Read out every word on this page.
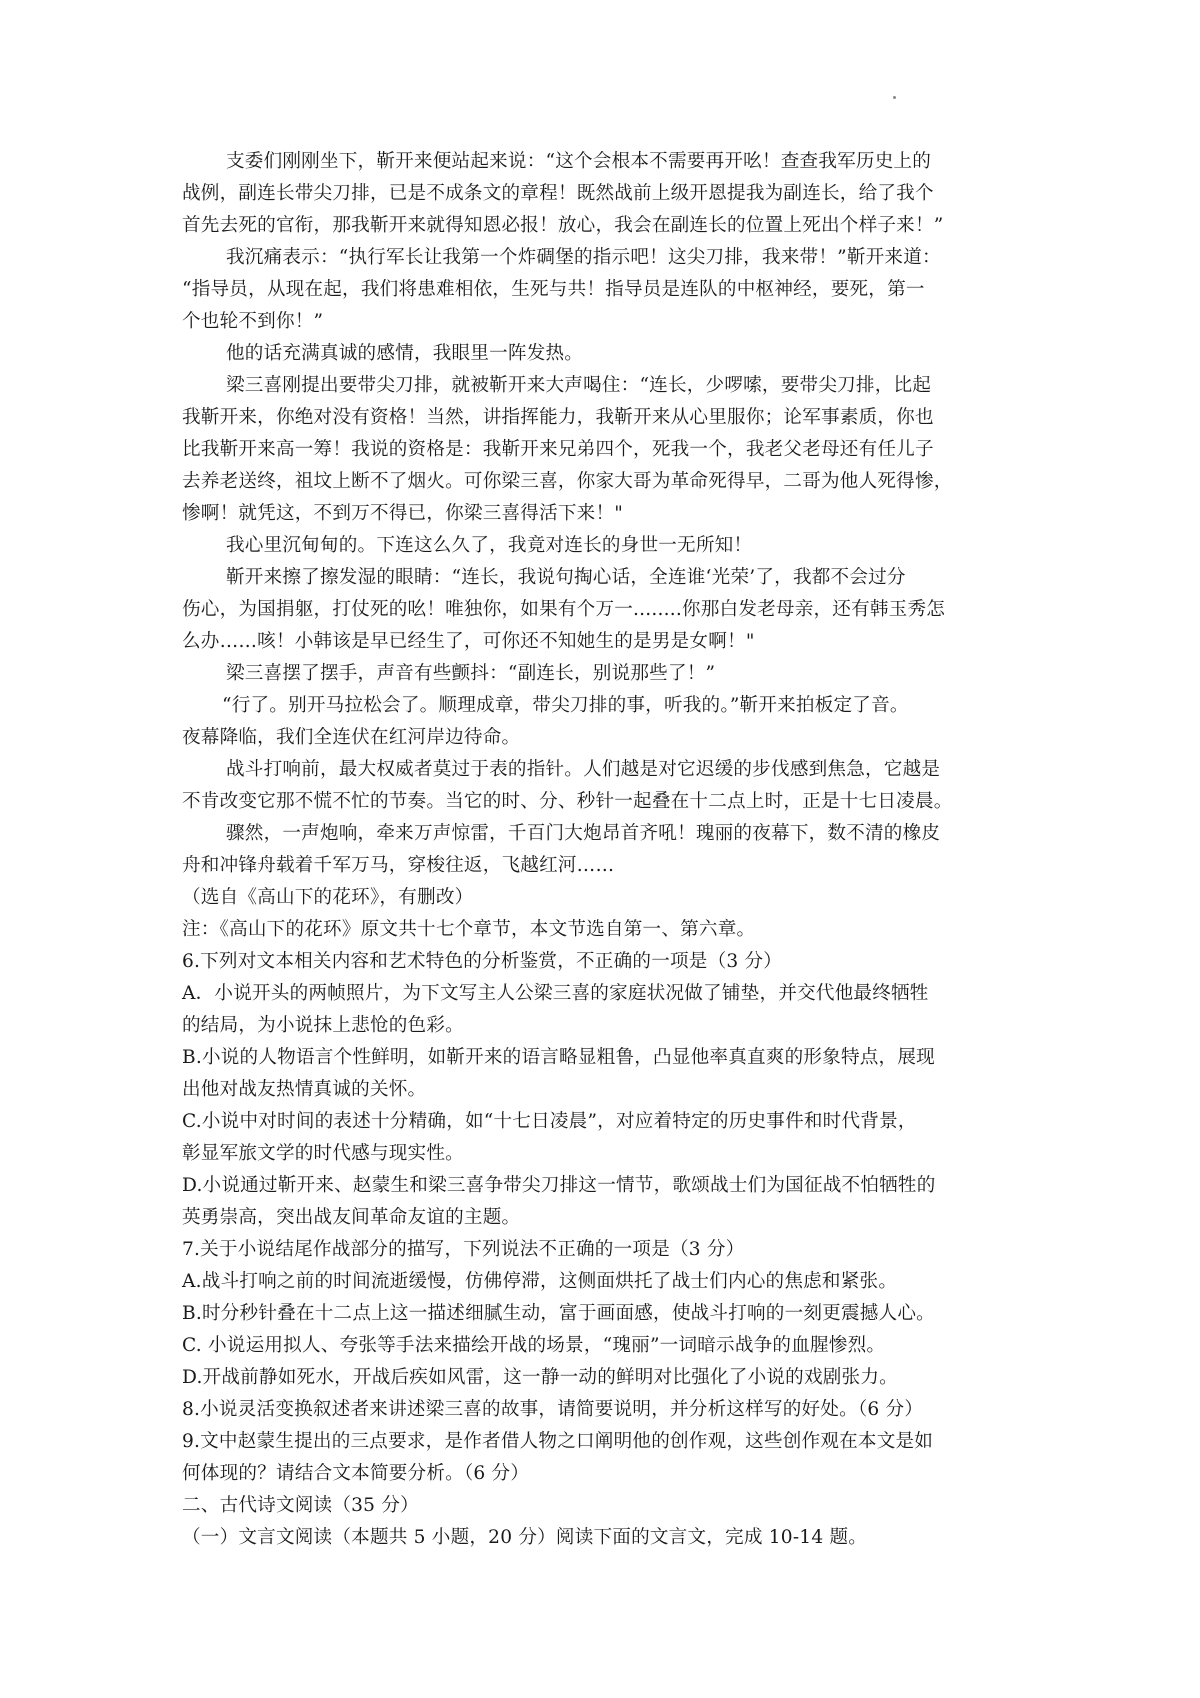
支委们刚刚坐下，靳开来便站起来说：“这个会根本不需要再开吆！查查我军历史上的
战例，副连长带尖刀排，已是不成条文的章程！既然战前上级开恩提我为副连长，给了我个
首先去死的官衔，那我靳开来就得知恩必报！放心，我会在副连长的位置上死出个样子来！”
我沉痛表示：“执行军长让我第一个炸碉堡的指示吧！这尖刀排，我来带！”靳开来道：
“指导员，从现在起，我们将患难相依，生死与共！指导员是连队的中枢神经，要死，第一
个也轮不到你！”
他的话充满真诚的感情，我眼里一阵发热。
梁三喜刚提出要带尖刀排，就被靳开来大声喝住：“连长，少啰嗦，要带尖刀排，比起
我靳开来，你绝对没有资格！当然，讲指挥能力，我靳开来从心里服你；论军事素质，你也
比我靳开来高一筹！我说的资格是：我靳开来兄弟四个，死我一个，我老父老母还有任儿子
去养老送终，祖坟上断不了烟火。可你梁三喜，你家大哥为革命死得早，二哥为他人死得惨，
惨啊！就凭这，不到万不得已，你梁三喜得活下来！"
我心里沉甸甸的。下连这么久了，我竟对连长的身世一无所知！
靳开来擦了擦发湿的眼睛：“连长，我说句掏心话，全连谁‘光荣’了，我都不会过分
伤心，为国捐躯，打仗死的吆！唯独你，如果有个万一........你那白发老母亲，还有韩玉秀怎
么办……咳！小韩该是早已经生了，可你还不知她生的是男是女啊！"
梁三喜摆了摆手，声音有些颤抖：“副连长，别说那些了！”
“行了。别开马拉松会了。顺理成章，带尖刀排的事，听我的。”靳开来拍板定了音。
夜幕降临，我们全连伏在红河岸边待命。
战斗打响前，最大权威者莫过于表的指针。人们越是对它迟缓的步伐感到焦急，它越是
不肯改变它那不慌不忙的节奏。当它的时、分、秒针一起叠在十二点上时，正是十七日凌晨。
骤然，一声炮响，牵来万声惊雷，千百门大炮昂首齐吼！瑰丽的夜幕下，数不清的橡皮
舟和冲锋舟载着千军万马，穿梭往返，飞越红河……
（选自《高山下的花环》，有删改）
注：《高山下的花环》原文共十七个章节，本文节选自第一、第六章。
6.下列对文本相关内容和艺术特色的分析鉴赏，不正确的一项是（3 分）
A．小说开头的两帧照片，为下文写主人公梁三喜的家庭状况做了铺垫，并交代他最终牺牲
的结局，为小说抹上悲怆的色彩。
B.小说的人物语言个性鲜明，如靳开来的语言略显粗鲁，凸显他率真直爽的形象特点，展现
出他对战友热情真诚的关怀。
C.小说中对时间的表述十分精确，如“十七日凌晨”，对应着特定的历史事件和时代背景，
彰显军旅文学的时代感与现实性。
D.小说通过靳开来、赵蒙生和梁三喜争带尖刀排这一情节，歌颂战士们为国征战不怕牺牲的
英勇崇高，突出战友间革命友谊的主题。
7.关于小说结尾作战部分的描写，下列说法不正确的一项是（3 分）
A.战斗打响之前的时间流逝缓慢，仿佛停滞，这侧面烘托了战士们内心的焦虑和紧张。
B.时分秒针叠在十二点上这一描述细腻生动，富于画面感，使战斗打响的一刻更震撼人心。
C. 小说运用拟人、夸张等手法来描绘开战的场景，“瑰丽”一词暗示战争的血腥惨烈。
D.开战前静如死水，开战后疾如风雷，这一静一动的鲜明对比强化了小说的戏剧张力。
8.小说灵活变换叙述者来讲述梁三喜的故事，请简要说明，并分析这样写的好处。（6 分）
9.文中赵蒙生提出的三点要求，是作者借人物之口阐明他的创作观，这些创作观在本文是如
何体现的？请结合文本简要分析。（6 分）
二、古代诗文阅读（35 分）
（一）文言文阅读（本题共 5 小题，20 分）阅读下面的文言文，完成 10-14 题。
